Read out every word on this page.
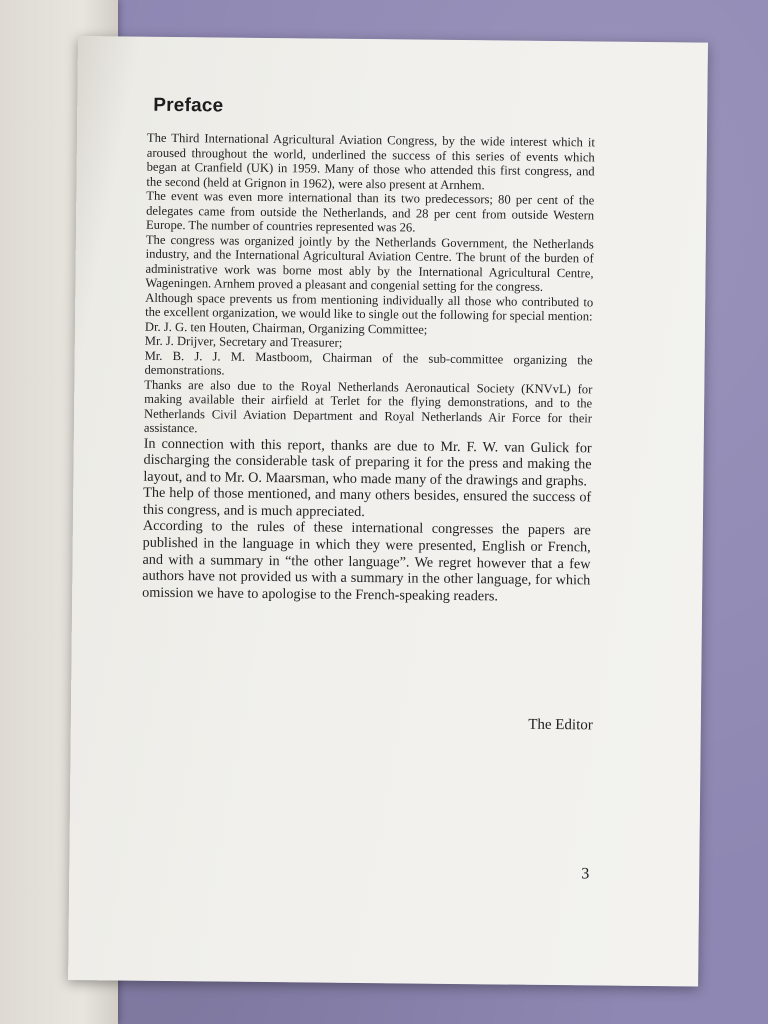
Preface

The Third International Agricultural Aviation Congress, by the wide interest which it aroused throughout the world, underlined the success of this series of events which began at Cranfield (UK) in 1959. Many of those who attended this first congress, and the second (held at Grignon in 1962), were also present at Arnhem.

The event was even more international than its two predecessors; 80 per cent of the delegates came from outside the Netherlands, and 28 per cent from outside Western Europe. The number of countries represented was 26.

The congress was organized jointly by the Netherlands Government, the Netherlands industry, and the International Agricultural Aviation Centre. The brunt of the burden of administrative work was borne most ably by the International Agricultural Centre, Wageningen. Arnhem proved a pleasant and congenial setting for the congress.

Although space prevents us from mentioning individually all those who contributed to the excellent organization, we would like to single out the following for special mention:

Dr. J. G. ten Houten, Chairman, Organizing Committee;

Mr. J. Drijver, Secretary and Treasurer;

Mr. B. J. J. M. Mastboom, Chairman of the sub-committee organizing the demonstrations.

Thanks are also due to the Royal Netherlands Aeronautical Society (KNVvL) for making available their airfield at Terlet for the flying demonstrations, and to the Netherlands Civil Aviation Department and Royal Netherlands Air Force for their assistance.

In connection with this report, thanks are due to Mr. F. W. van Gulick for discharging the considerable task of preparing it for the press and making the layout, and to Mr. O. Maarsman, who made many of the drawings and graphs.

The help of those mentioned, and many others besides, ensured the success of this congress, and is much appreciated.

According to the rules of these international congresses the papers are published in the language in which they were presented, English or French, and with a summary in “the other language”. We regret however that a few authors have not provided us with a summary in the other language, for which omission we have to apologise to the French-speaking readers.

The Editor
3
